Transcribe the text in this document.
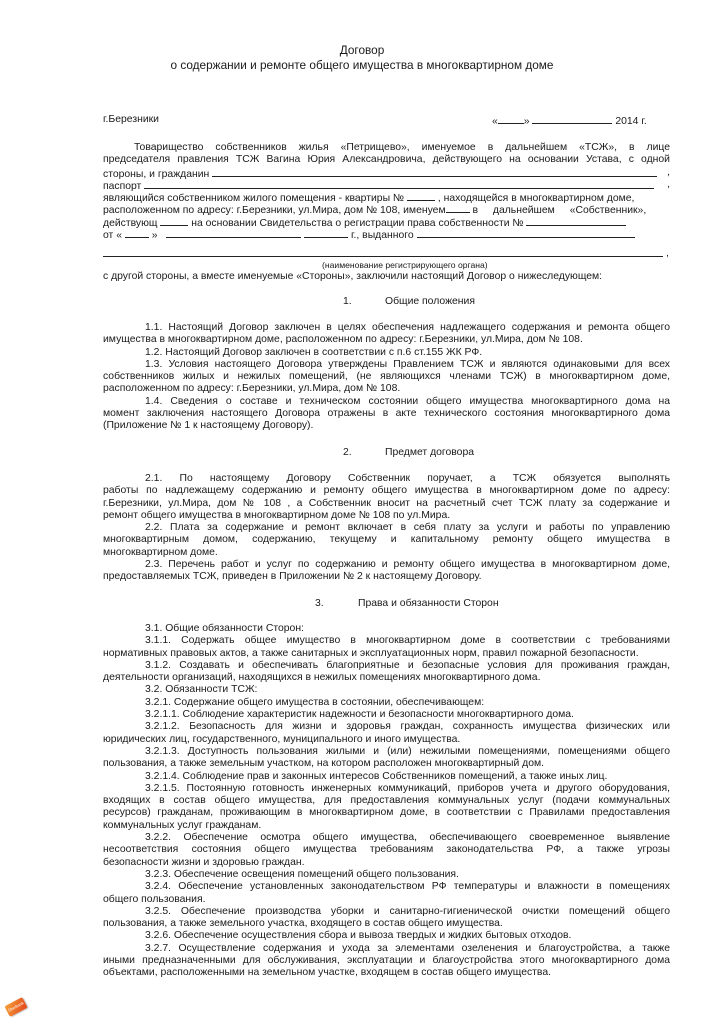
Договор
о содержании и ремонте общего имущества в многоквартирном доме
г.Березники	«	»	2014 г.
Товарищество собственников жилья «Петрищево», именуемое в дальнейшем «ТСЖ», в лице
председателя правления ТСЖ Вагина Юрия Александровича, действующего на основании Устава, с одной
стороны, и гражданин	,
паспорт	,
являющийся собственником жилого помещения - квартиры №	, находящейся в многоквартирном доме,
расположенном по адресу: г.Березники, ул.Мира, дом № 108, именуем	в дальнейшем «Собственник»,
действующ	на основании Свидетельства о регистрации права собственности №
от «	»	г., выданного
,
(наименование регистрирующего органа)
с другой стороны, а вместе именуемые «Стороны», заключили настоящий Договор о нижеследующем:
1.	Общие положения
1.1. Настоящий Договор заключен в целях обеспечения надлежащего содержания и ремонта общего
имущества в многоквартирном доме, расположенном по адресу: г.Березники, ул.Мира, дом № 108.
1.2. Настоящий Договор заключен в соответствии с п.6 ст.155 ЖК РФ.
1.3. Условия настоящего Договора утверждены Правлением ТСЖ и являются одинаковыми для всех
собственников жилых и нежилых помещений, (не являющихся членами ТСЖ) в многоквартирном доме,
расположенном по адресу: г.Березники, ул.Мира, дом № 108.
1.4. Сведения о составе и техническом состоянии общего имущества многоквартирного дома на
момент заключения настоящего Договора отражены в акте технического состояния многоквартирного дома
(Приложение № 1 к настоящему Договору).
2.	Предмет договора
2.1. По настоящему Договору Собственник поручает, а ТСЖ обязуется выполнять
работы по надлежащему содержанию и ремонту общего имущества в многоквартирном доме по адресу:
г.Березники, ул.Мира, дом № 108 , а Собственник вносит на расчетный счет ТСЖ плату за содержание и
ремонт общего имущества в многоквартирном доме № 108 по ул.Мира.
2.2. Плата за содержание и ремонт включает в себя плату за услуги и работы по управлению
многоквартирным домом, содержанию, текущему и капитальному ремонту общего имущества в
многоквартирном доме.
2.3. Перечень работ и услуг по содержанию и ремонту общего имущества в многоквартирном доме,
предоставляемых ТСЖ, приведен в Приложении № 2 к настоящему Договору.
3.	Права и обязанности Сторон
3.1. Общие обязанности Сторон:
3.1.1. Содержать общее имущество в многоквартирном доме в соответствии с требованиями
нормативных правовых актов, а также санитарных и эксплуатационных норм, правил пожарной безопасности.
3.1.2. Создавать и обеспечивать благоприятные и безопасные условия для проживания граждан,
деятельности организаций, находящихся в нежилых помещениях многоквартирного дома.
3.2. Обязанности ТСЖ:
3.2.1. Содержание общего имущества в состоянии, обеспечивающем:
3.2.1.1. Соблюдение характеристик надежности и безопасности многоквартирного дома.
3.2.1.2. Безопасность для жизни и здоровья граждан, сохранность имущества физических или
юридических лиц, государственного, муниципального и иного имущества.
3.2.1.3. Доступность пользования жилыми и (или) нежилыми помещениями, помещениями общего
пользования, а также земельным участком, на котором расположен многоквартирный дом.
3.2.1.4. Соблюдение прав и законных интересов Собственников помещений, а также иных лиц.
3.2.1.5. Постоянную готовность инженерных коммуникаций, приборов учета и другого оборудования,
входящих в состав общего имущества, для предоставления коммунальных услуг (подачи коммунальных
ресурсов) гражданам, проживающим в многоквартирном доме, в соответствии с Правилами предоставления
коммунальных услуг гражданам.
3.2.2. Обеспечение осмотра общего имущества, обеспечивающего своевременное выявление
несоответствия состояния общего имущества требованиям законодательства РФ, а также угрозы
безопасности жизни и здоровью граждан.
3.2.3. Обеспечение освещения помещений общего пользования.
3.2.4. Обеспечение установленных законодательством РФ температуры и влажности в помещениях
общего пользования.
3.2.5. Обеспечение производства уборки и санитарно-гигиенической очистки помещений общего
пользования, а также земельного участка, входящего в состав общего имущества.
3.2.6. Обеспечение осуществления сбора и вывоза твердых и жидких бытовых отходов.
3.2.7. Осуществление содержания и ухода за элементами озеленения и благоустройства, а также
иными предназначенными для обслуживания, эксплуатации и благоустройства этого многоквартирного дома
объектами, расположенными на земельном участке, входящем в состав общего имущества.
Sberbank
